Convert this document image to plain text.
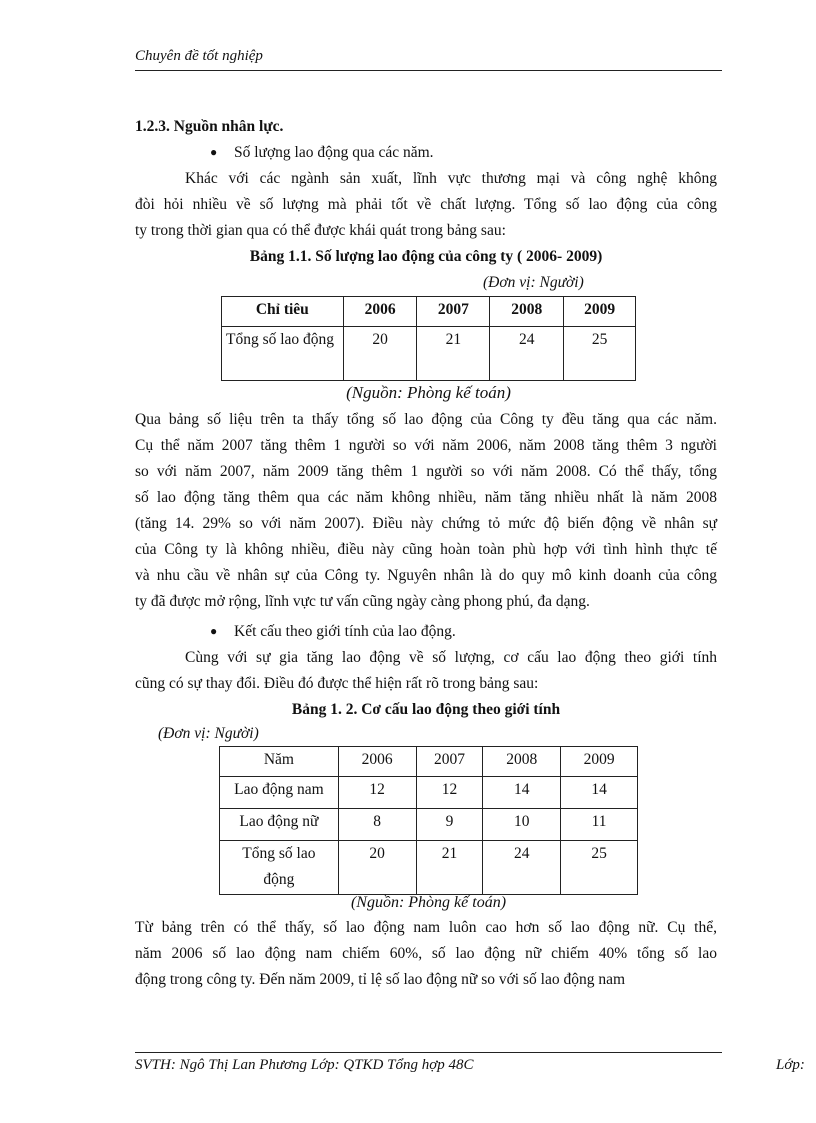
Chuyên đề tốt nghiệp
1.2.3. Nguồn nhân lực.
● Số lượng lao động qua các năm.
Khác với các ngành sản xuất, lĩnh vực thương mại và công nghệ không
đòi hỏi nhiều về số lượng mà phải tốt về chất lượng. Tổng số lao động của công
ty trong thời gian qua có thể được khái quát trong bảng sau:
Bảng 1.1. Số lượng lao động của công ty ( 2006- 2009)
(Đơn vị: Người)
Chỉ tiêu	2006	2007	2008	2009
Tổng số lao động	20	21	24	25
(Nguồn: Phòng kế toán)
Qua bảng số liệu trên ta thấy tổng số lao động của Công ty đều tăng qua các năm.
Cụ thể năm 2007 tăng thêm 1 người so với năm 2006, năm 2008 tăng thêm 3 người
so với năm 2007, năm 2009 tăng thêm 1 người so với năm 2008. Có thể thấy, tổng
số lao động tăng thêm qua các năm không nhiều, năm tăng nhiều nhất là năm 2008
(tăng 14. 29% so với năm 2007). Điều này chứng tỏ mức độ biến động về nhân sự
của Công ty là không nhiều, điều này cũng hoàn toàn phù hợp với tình hình thực tế
và nhu cầu về nhân sự của Công ty. Nguyên nhân là do quy mô kinh doanh của công
ty đã được mở rộng, lĩnh vực tư vấn cũng ngày càng phong phú, đa dạng.
● Kết cấu theo giới tính của lao động.
Cùng với sự gia tăng lao động về số lượng, cơ cấu lao động theo giới tính
cũng có sự thay đổi. Điều đó được thể hiện rất rõ trong bảng sau:
Bảng 1. 2. Cơ cấu lao động theo giới tính
(Đơn vị: Người)
Năm	2006	2007	2008	2009
Lao động nam	12	12	14	14
Lao động nữ	8	9	10	11
Tổng số lao động	20	21	24	25
(Nguồn: Phòng kế toán)
Từ bảng trên có thể thấy, số lao động nam luôn cao hơn số lao động nữ. Cụ thể,
năm 2006 số lao động nam chiếm 60%, số lao động nữ chiếm 40% tổng số lao
động trong công ty. Đến năm 2009, tỉ lệ số lao động nữ so với số lao động nam
SVTH: Ngô Thị Lan Phương Lớp: QTKD Tổng hợp 48C	Lớp:
